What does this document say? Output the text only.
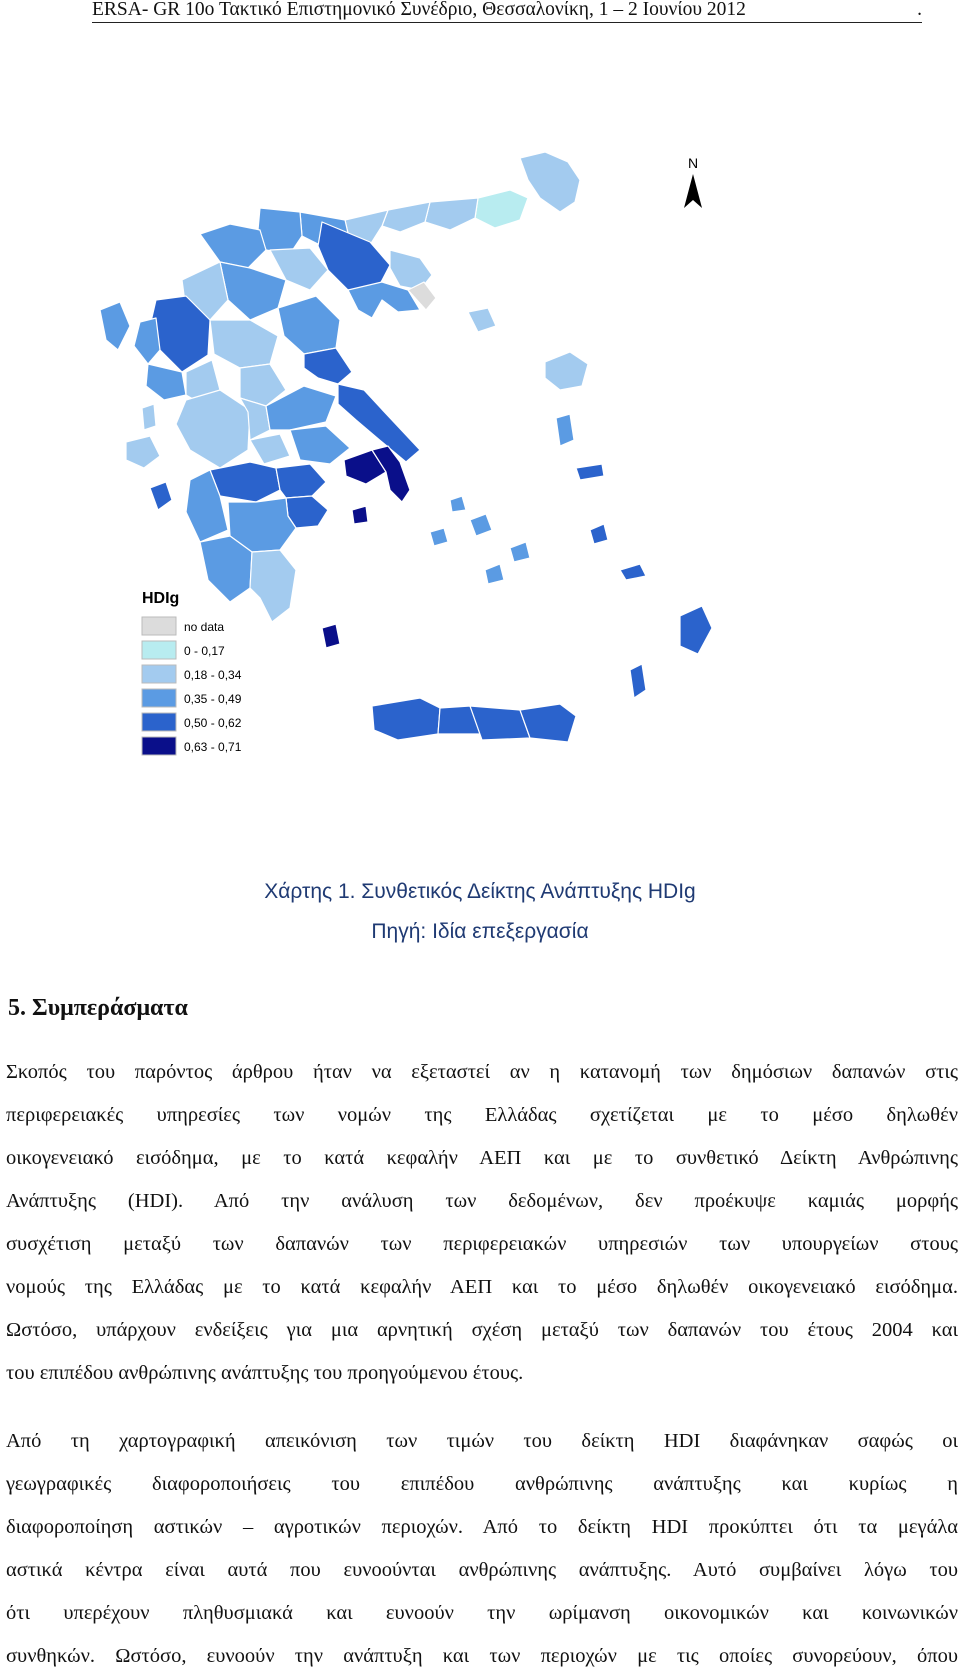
ERSA- GR 10ο Τακτικό Επιστημονικό Συνέδριο, Θεσσαλονίκη, 1 – 2 Ιουνίου 2012	.
N
HDIg
no data
0 - 0,17
0,18 - 0,34
0,35 - 0,49
0,50 - 0,62
0,63 - 0,71
Χάρτης 1. Συνθετικός Δείκτης Ανάπτυξης HDIg
Πηγή: Ιδία επεξεργασία
5. Συμπεράσματα
Σκοπός του παρόντος άρθρου ήταν να εξεταστεί αν η κατανομή των δημόσιων δαπανών στις
περιφερειακές υπηρεσίες των νομών της Ελλάδας σχετίζεται με το μέσο δηλωθέν
οικογενειακό εισόδημα, με το κατά κεφαλήν ΑΕΠ και με το συνθετικό Δείκτη Ανθρώπινης
Ανάπτυξης (HDI). Από την ανάλυση των δεδομένων, δεν προέκυψε καμιάς μορφής
συσχέτιση μεταξύ των δαπανών των περιφερειακών υπηρεσιών των υπουργείων στους
νομούς της Ελλάδας με το κατά κεφαλήν ΑΕΠ και το μέσο δηλωθέν οικογενειακό εισόδημα.
Ωστόσο, υπάρχουν ενδείξεις για μια αρνητική σχέση μεταξύ των δαπανών του έτους 2004 και
του επιπέδου ανθρώπινης ανάπτυξης του προηγούμενου έτους.
Από τη χαρτογραφική απεικόνιση των τιμών του δείκτη HDI διαφάνηκαν σαφώς οι
γεωγραφικές διαφοροποιήσεις του επιπέδου ανθρώπινης ανάπτυξης και κυρίως η
διαφοροποίηση αστικών – αγροτικών περιοχών. Από το δείκτη HDI προκύπτει ότι τα μεγάλα
αστικά κέντρα είναι αυτά που ευνοούνται ανθρώπινης ανάπτυξης. Αυτό συμβαίνει λόγω του
ότι υπερέχουν πληθυσμιακά και ευνοούν την ωρίμανση οικονομικών και κοινωνικών
συνθηκών. Ωστόσο, ευνοούν την ανάπτυξη και των περιοχών με τις οποίες συνορεύουν, όπου
